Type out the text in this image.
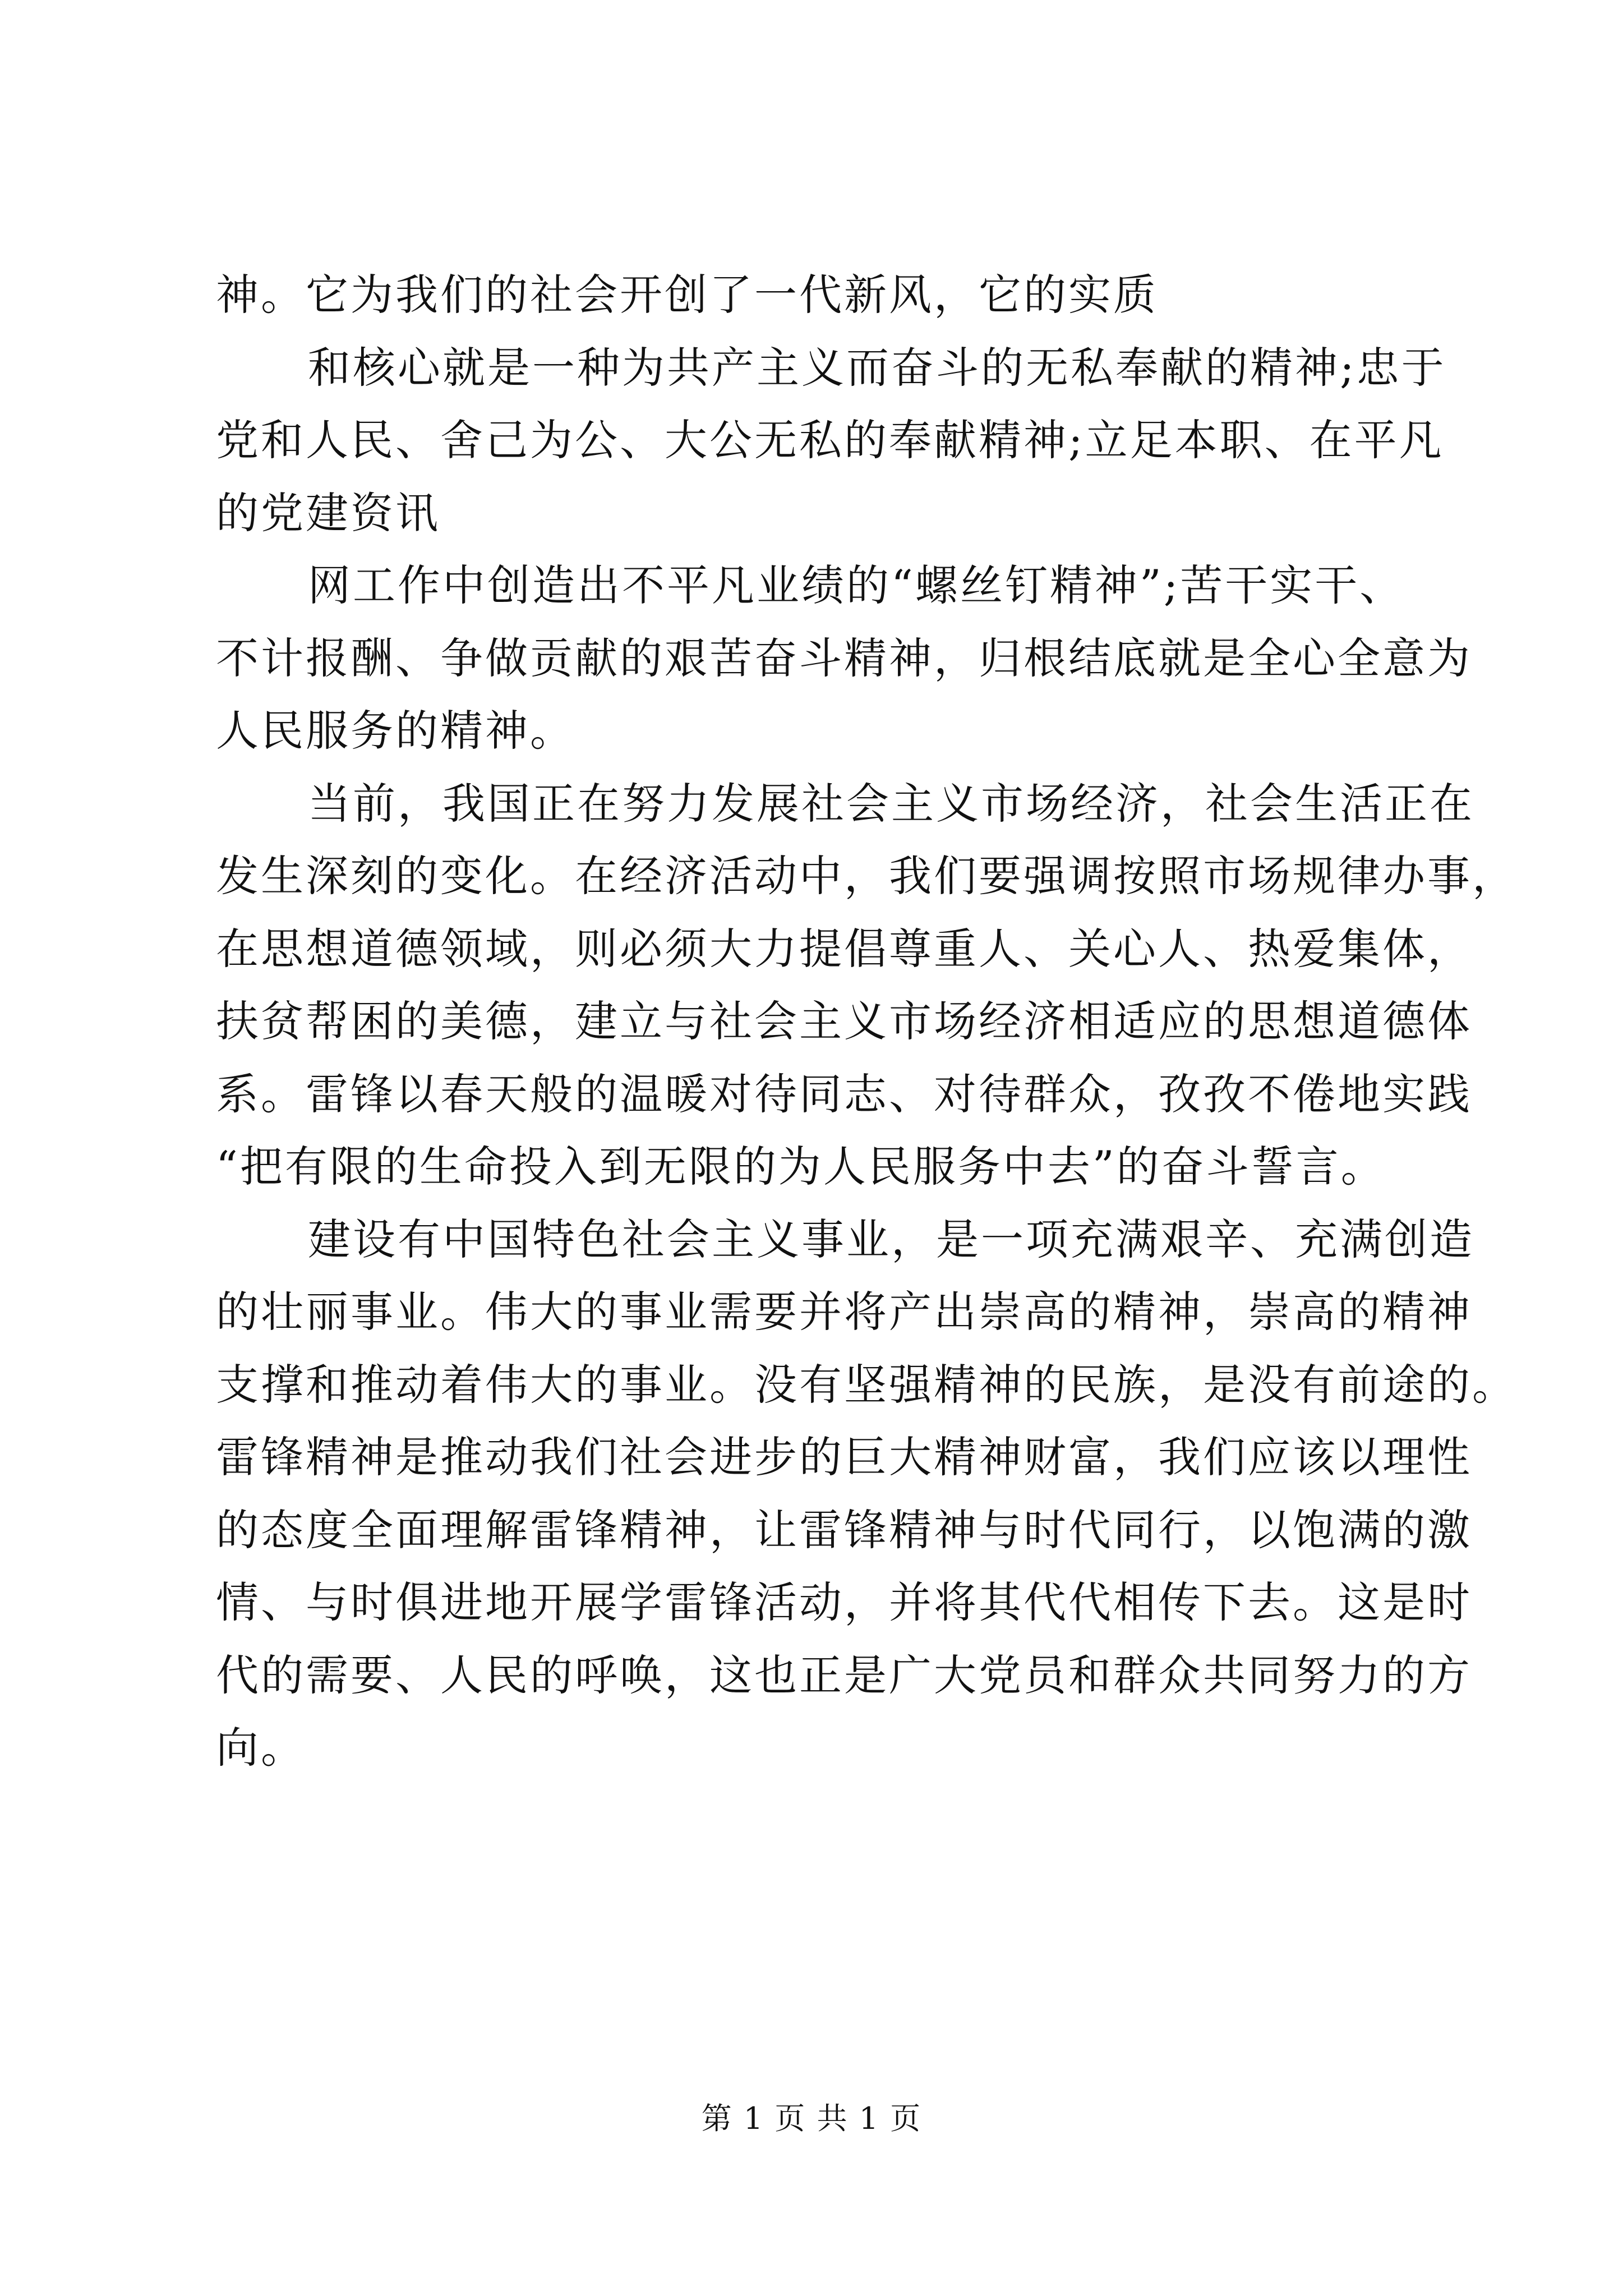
神。它为我们的社会开创了一代新风，它的实质
和核心就是一种为共产主义而奋斗的无私奉献的精神;忠于
党和人民、舍己为公、大公无私的奉献精神;立足本职、在平凡
的党建资讯
网工作中创造出不平凡业绩的“螺丝钉精神”;苦干实干、
不计报酬、争做贡献的艰苦奋斗精神，归根结底就是全心全意为
人民服务的精神。
当前，我国正在努力发展社会主义市场经济，社会生活正在
发生深刻的变化。在经济活动中，我们要强调按照市场规律办事，
在思想道德领域，则必须大力提倡尊重人、关心人、热爱集体，
扶贫帮困的美德，建立与社会主义市场经济相适应的思想道德体
系。雷锋以春天般的温暖对待同志、对待群众，孜孜不倦地实践
“把有限的生命投入到无限的为人民服务中去”的奋斗誓言。
建设有中国特色社会主义事业，是一项充满艰辛、充满创造
的壮丽事业。伟大的事业需要并将产出崇高的精神，崇高的精神
支撑和推动着伟大的事业。没有坚强精神的民族，是没有前途的。
雷锋精神是推动我们社会进步的巨大精神财富，我们应该以理性
的态度全面理解雷锋精神，让雷锋精神与时代同行，以饱满的激
情、与时俱进地开展学雷锋活动，并将其代代相传下去。这是时
代的需要、人民的呼唤，这也正是广大党员和群众共同努力的方
向。
第 1 页 共 1 页
